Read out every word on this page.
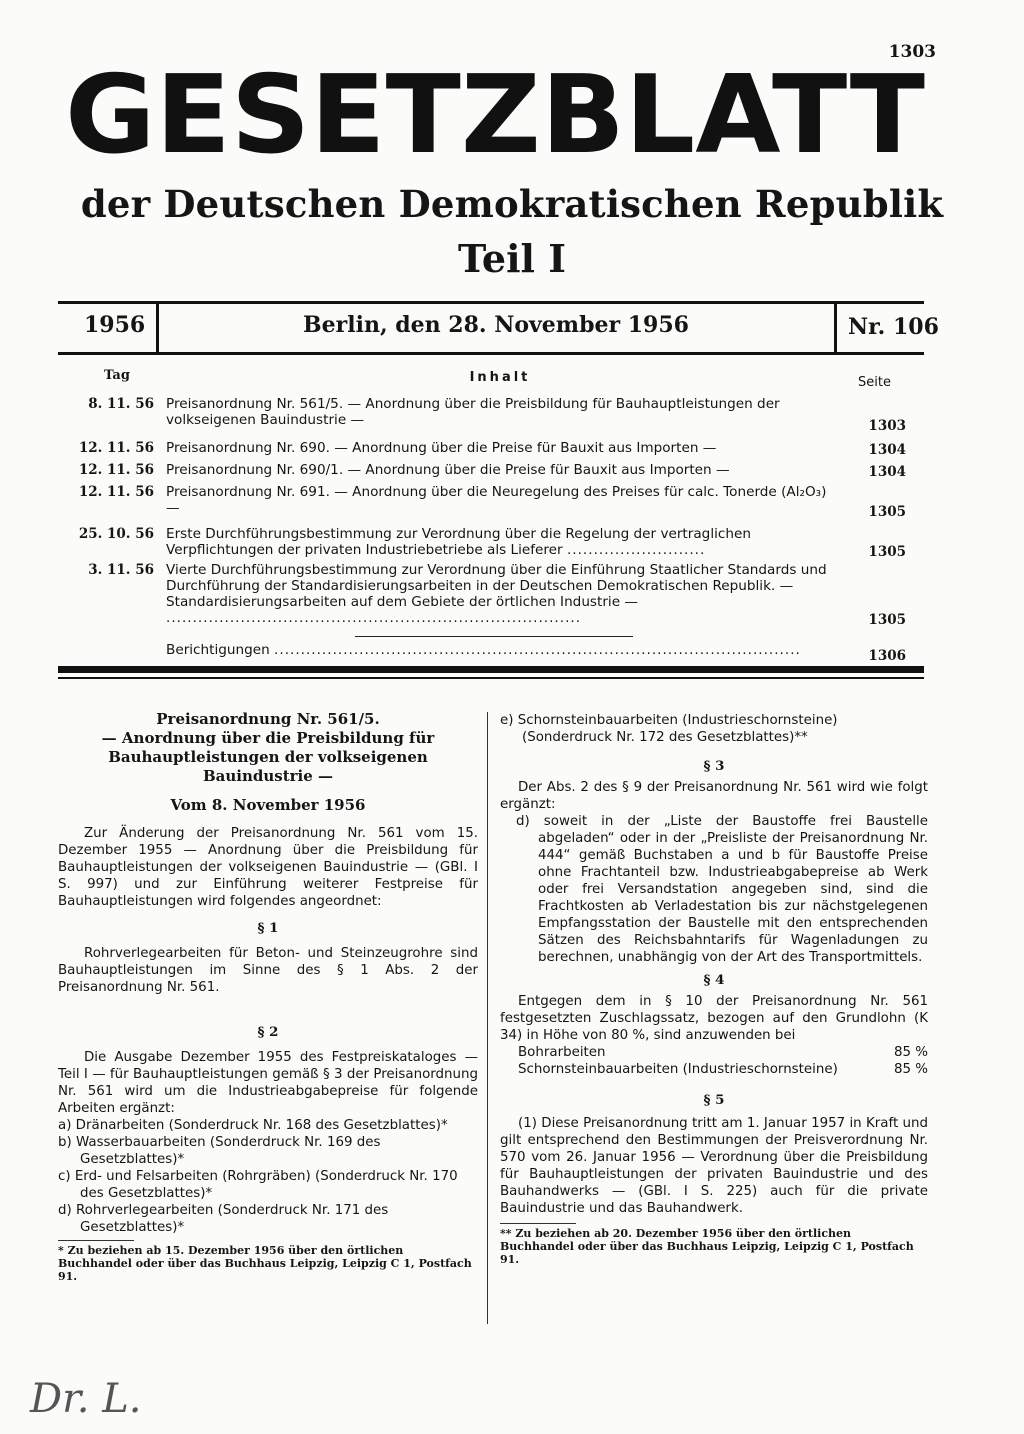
1303
GESETZBLATT
der Deutschen Demokratischen Republik
Teil I
1956	Berlin, den 28. November 1956	Nr. 106
Tag	Inhalt	Seite
8. 11. 56 Preisanordnung Nr. 561/5. — Anordnung über die Preisbildung für Bauhauptleistungen der volkseigenen Bauindustrie —	1303
12. 11. 56 Preisanordnung Nr. 690. — Anordnung über die Preise für Bauxit aus Importen —	1304
12. 11. 56 Preisanordnung Nr. 690/1. — Anordnung über die Preise für Bauxit aus Importen —	1304
12. 11. 56 Preisanordnung Nr. 691. — Anordnung über die Neuregelung des Preises für calc. Tonerde (Al₂O₃) —	1305
25. 10. 56 Erste Durchführungsbestimmung zur Verordnung über die Regelung der vertraglichen Verpflichtungen der privaten Industriebetriebe als Lieferer ..........................	1305
3. 11. 56 Vierte Durchführungsbestimmung zur Verordnung über die Einführung Staatlicher Standards und Durchführung der Standardisierungsarbeiten in der Deutschen Demokratischen Republik. — Standardisierungsarbeiten auf dem Gebiete der örtlichen Industrie — ..............................................................................	1305
Berichtigungen ...................................................................................................	1306
Preisanordnung Nr. 561/5.
— Anordnung über die Preisbildung für Bauhauptleistungen der volkseigenen Bauindustrie —
Vom 8. November 1956

Zur Änderung der Preisanordnung Nr. 561 vom 15. Dezember 1955 — Anordnung über die Preisbildung für Bauhauptleistungen der volkseigenen Bauindustrie — (GBl. I S. 997) und zur Einführung weiterer Festpreise für Bauhauptleistungen wird folgendes angeordnet:

§ 1

Rohrverlegearbeiten für Beton- und Steinzeugrohre sind Bauhauptleistungen im Sinne des § 1 Abs. 2 der Preisanordnung Nr. 561.

§ 2

Die Ausgabe Dezember 1955 des Festpreiskataloges — Teil I — für Bauhauptleistungen gemäß § 3 der Preisanordnung Nr. 561 wird um die Industrieabgabepreise für folgende Arbeiten ergänzt:

a) Dränarbeiten (Sonderdruck Nr. 168 des Gesetzblattes)*
b) Wasserbauarbeiten (Sonderdruck Nr. 169 des Gesetzblattes)*
c) Erd- und Felsarbeiten (Rohrgräben) (Sonderdruck Nr. 170 des Gesetzblattes)*
d) Rohrverlegearbeiten (Sonderdruck Nr. 171 des Gesetzblattes)*
* Zu beziehen ab 15. Dezember 1956 über den örtlichen Buchhandel oder über das Buchhaus Leipzig, Leipzig C 1, Postfach 91.
e) Schornsteinbauarbeiten (Industrieschornsteine) (Sonderdruck Nr. 172 des Gesetzblattes)**
§ 3

Der Abs. 2 des § 9 der Preisanordnung Nr. 561 wird wie folgt ergänzt:

d) soweit in der „Liste der Baustoffe frei Baustelle abgeladen“ oder in der „Preisliste der Preisanordnung Nr. 444“ gemäß Buchstaben a und b für Baustoffe Preise ohne Frachtanteil bzw. Industrieabgabepreise ab Werk oder frei Versandstation angegeben sind, sind die Frachtkosten ab Verladestation bis zur nächstgelegenen Empfangsstation der Baustelle mit den entsprechenden Sätzen des Reichsbahntarifs für Wagenladungen zu berechnen, unabhängig von der Art des Transportmittels.

§ 4

Entgegen dem in § 10 der Preisanordnung Nr. 561 festgesetzten Zuschlagssatz, bezogen auf den Grundlohn (K 34) in Höhe von 80 %, sind anzuwenden bei

Bohrarbeiten	85 %
Schornsteinbauarbeiten (Industrieschornsteine)	85 %
§ 5

(1) Diese Preisanordnung tritt am 1. Januar 1957 in Kraft und gilt entsprechend den Bestimmungen der Preisverordnung Nr. 570 vom 26. Januar 1956 — Verordnung über die Preisbildung für Bauhauptleistungen der privaten Bauindustrie und des Bauhandwerks — (GBl. I S. 225) auch für die private Bauindustrie und das Bauhandwerk.

** Zu beziehen ab 20. Dezember 1956 über den örtlichen Buchhandel oder über das Buchhaus Leipzig, Leipzig C 1, Postfach 91.
Dr. L.
